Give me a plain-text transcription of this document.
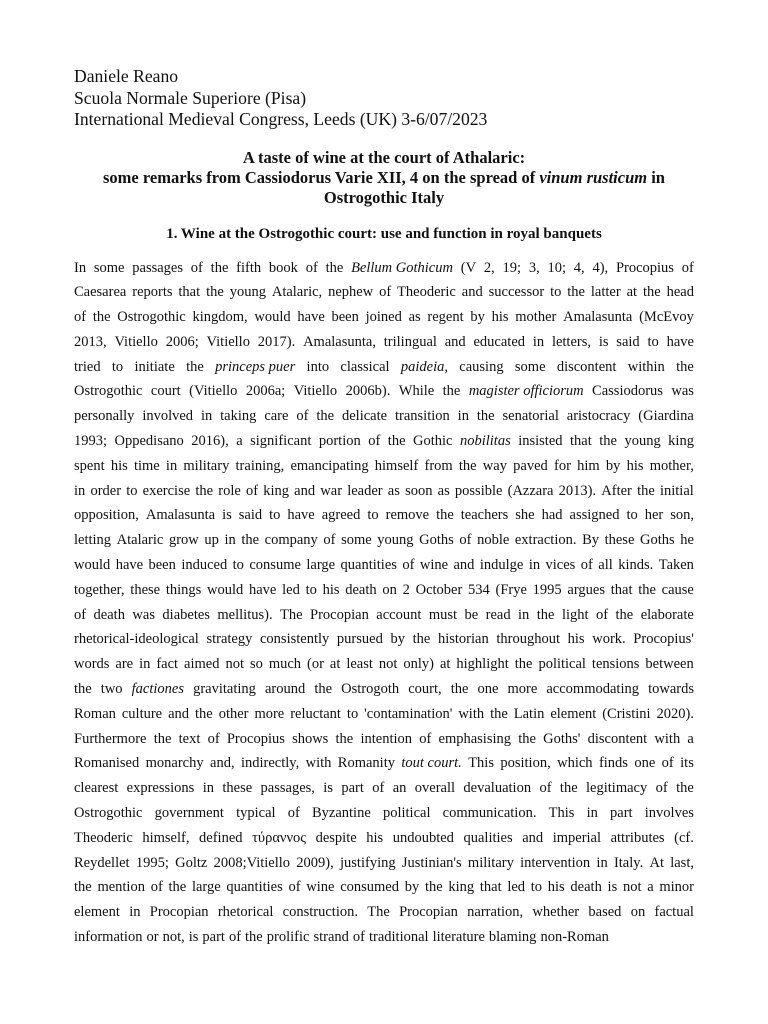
Daniele Reano
Scuola Normale Superiore (Pisa)
International Medieval Congress, Leeds (UK) 3-6/07/2023
A taste of wine at the court of Athalaric:
some remarks from Cassiodorus Varie XII, 4 on the spread of vinum rusticum in
Ostrogothic Italy
1. Wine at the Ostrogothic court: use and function in royal banquets
In some passages of the fifth book of the Bellum Gothicum (V 2, 19; 3, 10; 4, 4), Procopius of
Caesarea reports that the young Atalaric, nephew of Theoderic and successor to the latter at the head
of the Ostrogothic kingdom, would have been joined as regent by his mother Amalasunta (McEvoy
2013, Vitiello 2006; Vitiello 2017). Amalasunta, trilingual and educated in letters, is said to have
tried to initiate the princeps puer into classical paideia, causing some discontent within the
Ostrogothic court (Vitiello 2006a; Vitiello 2006b). While the magister officiorum Cassiodorus was
personally involved in taking care of the delicate transition in the senatorial aristocracy (Giardina
1993; Oppedisano 2016), a significant portion of the Gothic nobilitas insisted that the young king
spent his time in military training, emancipating himself from the way paved for him by his mother,
in order to exercise the role of king and war leader as soon as possible (Azzara 2013). After the initial
opposition, Amalasunta is said to have agreed to remove the teachers she had assigned to her son,
letting Atalaric grow up in the company of some young Goths of noble extraction. By these Goths he
would have been induced to consume large quantities of wine and indulge in vices of all kinds. Taken
together, these things would have led to his death on 2 October 534 (Frye 1995 argues that the cause
of death was diabetes mellitus). The Procopian account must be read in the light of the elaborate
rhetorical-ideological strategy consistently pursued by the historian throughout his work. Procopius'
words are in fact aimed not so much (or at least not only) at highlight the political tensions between
the two factiones gravitating around the Ostrogoth court, the one more accommodating towards
Roman culture and the other more reluctant to 'contamination' with the Latin element (Cristini 2020).
Furthermore the text of Procopius shows the intention of emphasising the Goths' discontent with a
Romanised monarchy and, indirectly, with Romanity tout court. This position, which finds one of its
clearest expressions in these passages, is part of an overall devaluation of the legitimacy of the
Ostrogothic government typical of Byzantine political communication. This in part involves
Theoderic himself, defined τύραννος despite his undoubted qualities and imperial attributes (cf.
Reydellet 1995; Goltz 2008;Vitiello 2009), justifying Justinian's military intervention in Italy. At last,
the mention of the large quantities of wine consumed by the king that led to his death is not a minor
element in Procopian rhetorical construction. The Procopian narration, whether based on factual
information or not, is part of the prolific strand of traditional literature blaming non-Roman
